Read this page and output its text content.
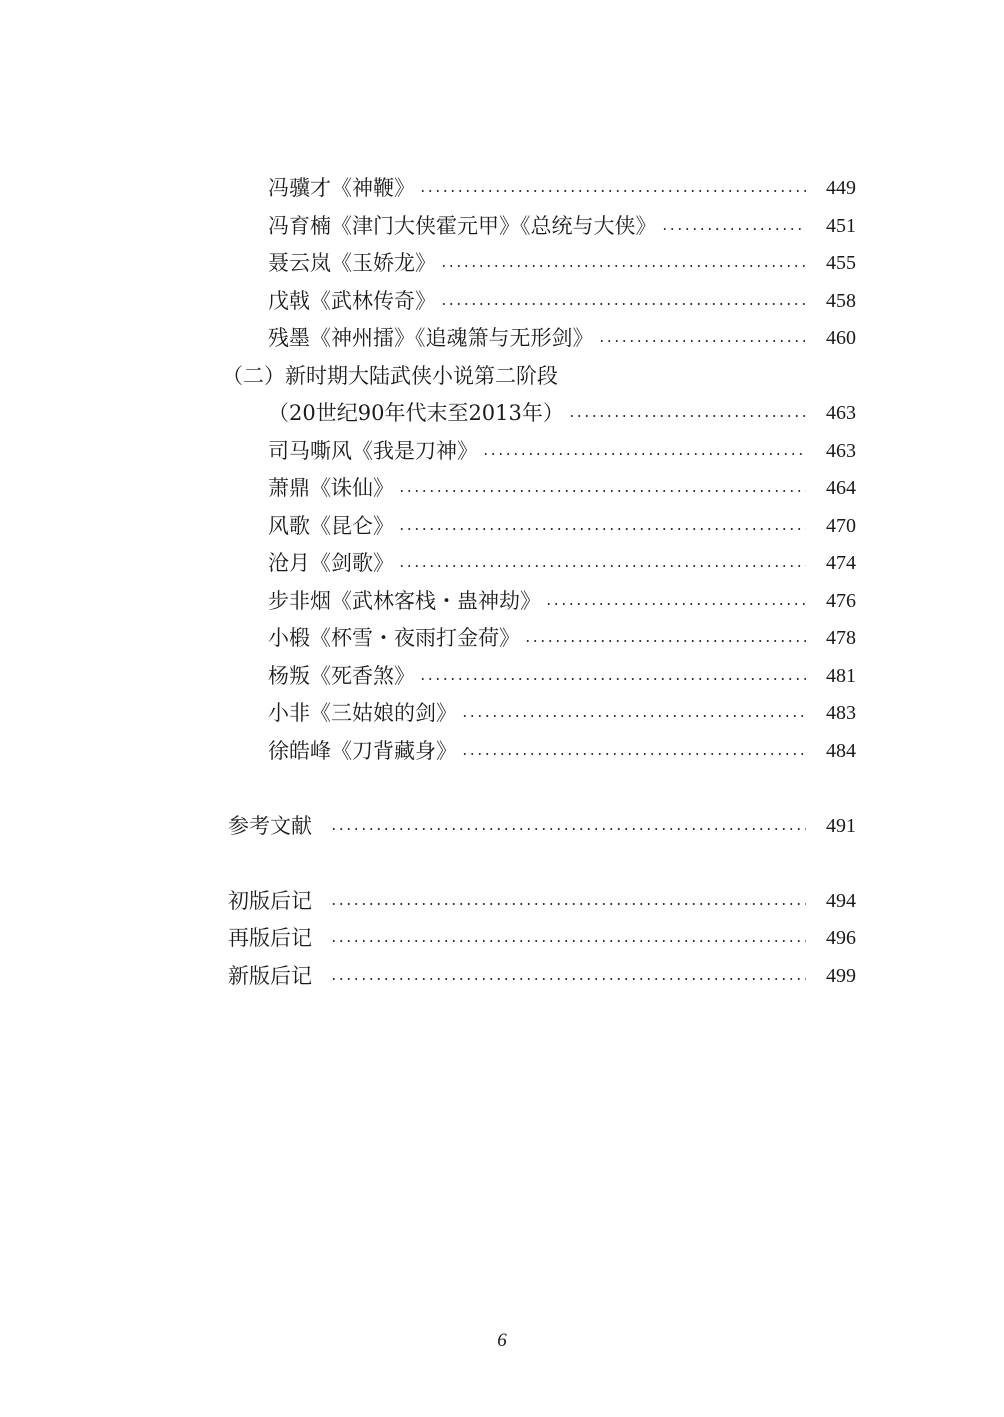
冯骥才《神鞭》	449
冯育楠《津门大侠霍元甲》《总统与大侠》	451
聂云岚《玉娇龙》	455
戊戟《武林传奇》	458
残墨《神州擂》《追魂箫与无形剑》	460
（二）新时期大陆武侠小说第二阶段
（20世纪90年代末至2013年）	463
司马嘶风《我是刀神》	463
萧鼎《诛仙》	464
风歌《昆仑》	470
沧月《剑歌》	474
步非烟《武林客栈・蛊神劫》	476
小椴《杯雪・夜雨打金荷》	478
杨叛《死香煞》	481
小非《三姑娘的剑》	483
徐皓峰《刀背藏身》	484
参考文献	491
初版后记	494
再版后记	496
新版后记	499
6
